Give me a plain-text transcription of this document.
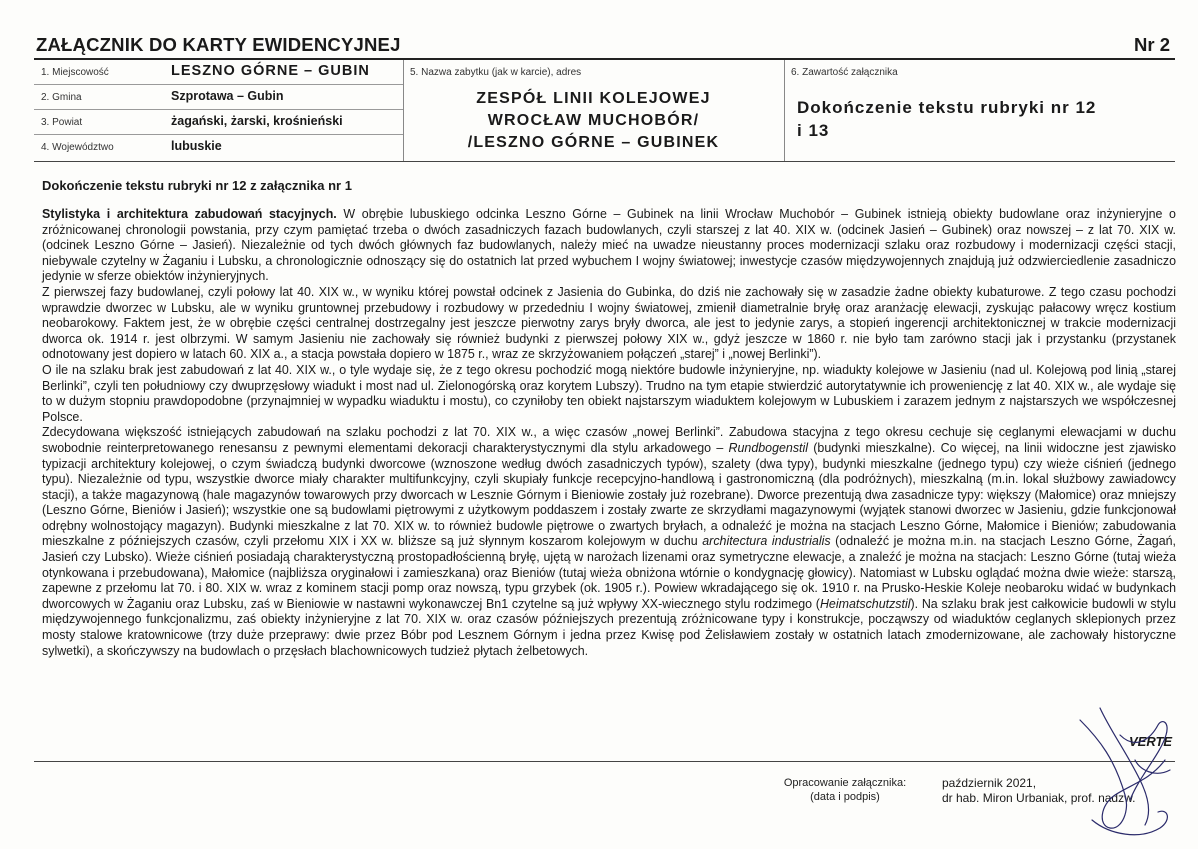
ZAŁĄCZNIK DO KARTY EWIDENCYJNEJ	Nr 2
1. Miejscowość	LESZNO GÓRNE – GUBIN
2. Gmina	Szprotawa – Gubin
3. Powiat	żagański, żarski, krośnieński
4. Województwo	lubuskie
5. Nazwa zabytku (jak w karcie), adres
ZESPÓŁ LINII KOLEJOWEJ
WROCŁAW MUCHOBÓR/
/LESZNO GÓRNE – GUBINEK
6. Zawartość załącznika
Dokończenie tekstu rubryki nr 12
i 13
Dokończenie tekstu rubryki nr 12 z załącznika nr 1

Stylistyka i architektura zabudowań stacyjnych. W obrębie lubuskiego odcinka Leszno Górne – Gubinek na linii Wrocław Muchobór – Gubinek istnieją obiekty budowlane oraz inżynieryjne o zróżnicowanej chronologii powstania, przy czym pamiętać trzeba o dwóch zasadniczych fazach budowlanych, czyli starszej z lat 40. XIX w. (odcinek Jasień – Gubinek) oraz nowszej – z lat 70. XIX w. (odcinek Leszno Górne – Jasień). Niezależnie od tych dwóch głównych faz budowlanych, należy mieć na uwadze nieustanny proces modernizacji szlaku oraz rozbudowy i modernizacji części stacji, niebywale czytelny w Żaganiu i Lubsku, a chronologicznie odnoszący się do ostatnich lat przed wybuchem I wojny światowej; inwestycje czasów międzywojennych znajdują już odzwierciedlenie zasadniczo jedynie w sferze obiektów inżynieryjnych.

Z pierwszej fazy budowlanej, czyli połowy lat 40. XIX w., w wyniku której powstał odcinek z Jasienia do Gubinka, do dziś nie zachowały się w zasadzie żadne obiekty kubaturowe. Z tego czasu pochodzi wprawdzie dworzec w Lubsku, ale w wyniku gruntownej przebudowy i rozbudowy w przededniu I wojny światowej, zmienił diametralnie bryłę oraz aranżację elewacji, zyskując pałacowy wręcz kostium neobarokowy. Faktem jest, że w obrębie części centralnej dostrzegalny jest jeszcze pierwotny zarys bryły dworca, ale jest to jedynie zarys, a stopień ingerencji architektonicznej w trakcie modernizacji dworca ok. 1914 r. jest olbrzymi. W samym Jasieniu nie zachowały się również budynki z pierwszej połowy XIX w., gdyż jeszcze w 1860 r. nie było tam zarówno stacji jak i przystanku (przystanek odnotowany jest dopiero w latach 60. XIX a., a stacja powstała dopiero w 1875 r., wraz ze skrzyżowaniem połączeń „starej” i „nowej Berlinki”).

O ile na szlaku brak jest zabudowań z lat 40. XIX w., o tyle wydaje się, że z tego okresu pochodzić mogą niektóre budowle inżynieryjne, np. wiadukty kolejowe w Jasieniu (nad ul. Kolejową pod linią „starej Berlinki”, czyli ten południowy czy dwuprzęsłowy wiadukt i most nad ul. Zielonogórską oraz korytem Lubszy). Trudno na tym etapie stwierdzić autorytatywnie ich proweniencję z lat 40. XIX w., ale wydaje się to w dużym stopniu prawdopodobne (przynajmniej w wypadku wiaduktu i mostu), co czyniłoby ten obiekt najstarszym wiaduktem kolejowym w Lubuskiem i zarazem jednym z najstarszych we współczesnej Polsce.

Zdecydowana większość istniejących zabudowań na szlaku pochodzi z lat 70. XIX w., a więc czasów „nowej Berlinki”. Zabudowa stacyjna z tego okresu cechuje się ceglanymi elewacjami w duchu swobodnie reinterpretowanego renesansu z pewnymi elementami dekoracji charakterystycznymi dla stylu arkadowego – Rundbogenstil (budynki mieszkalne). Co więcej, na linii widoczne jest zjawisko typizacji architektury kolejowej, o czym świadczą budynki dworcowe (wznoszone według dwóch zasadniczych typów), szalety (dwa typy), budynki mieszkalne (jednego typu) czy wieże ciśnień (jednego typu). Niezależnie od typu, wszystkie dworce miały charakter multifunkcyjny, czyli skupiały funkcje recepcyjno-handlową i gastronomiczną (dla podróżnych), mieszkalną (m.in. lokal służbowy zawiadowcy stacji), a także magazynową (hale magazynów towarowych przy dworcach w Lesznie Górnym i Bieniowie zostały już rozebrane). Dworce prezentują dwa zasadnicze typy: większy (Małomice) oraz mniejszy (Leszno Górne, Bieniów i Jasień); wszystkie one są budowlami piętrowymi z użytkowym poddaszem i zostały zwarte ze skrzydłami magazynowymi (wyjątek stanowi dworzec w Jasieniu, gdzie funkcjonował odrębny wolnostojący magazyn). Budynki mieszkalne z lat 70. XIX w. to również budowle piętrowe o zwartych bryłach, a odnaleźć je można na stacjach Leszno Górne, Małomice i Bieniów; zabudowania mieszkalne z późniejszych czasów, czyli przełomu XIX i XX w. bliższe są już słynnym koszarom kolejowym w duchu architectura industrialis (odnaleźć je można m.in. na stacjach Leszno Górne, Żagań, Jasień czy Lubsko). Wieże ciśnień posiadają charakterystyczną prostopadłościenną bryłę, ujętą w narożach lizenami oraz symetryczne elewacje, a znaleźć je można na stacjach: Leszno Górne (tutaj wieża otynkowana i przebudowana), Małomice (najbliższa oryginałowi i zamieszkana) oraz Bieniów (tutaj wieża obniżona wtórnie o kondygnację głowicy). Natomiast w Lubsku oglądać można dwie wieże: starszą, zapewne z przełomu lat 70. i 80. XIX w. wraz z kominem stacji pomp oraz nowszą, typu grzybek (ok. 1905 r.). Powiew wkradającego się ok. 1910 r. na Prusko-Heskie Koleje neobaroku widać w budynkach dworcowych w Żaganiu oraz Lubsku, zaś w Bieniowie w nastawni wykonawczej Bn1 czytelne są już wpływy XX-wiecznego stylu rodzimego (Heimatschutzstil). Na szlaku brak jest całkowicie budowli w stylu międzywojennego funkcjonalizmu, zaś obiekty inżynieryjne z lat 70. XIX w. oraz czasów późniejszych prezentują zróżnicowane typy i konstrukcje, począwszy od wiaduktów ceglanych sklepionych przez mosty stalowe kratownicowe (trzy duże przeprawy: dwie przez Bóbr pod Lesznem Górnym i jedna przez Kwisę pod Żelisławiem zostały w ostatnich latach zmodernizowane, ale zachowały historyczne sylwetki), a skończywszy na budowlach o przęsłach blachownicowych tudzież płytach żelbetowych.

VERTE
Opracowanie załącznika:
(data i podpis)
październik 2021,
dr hab. Miron Urbaniak, prof. nadzw.
